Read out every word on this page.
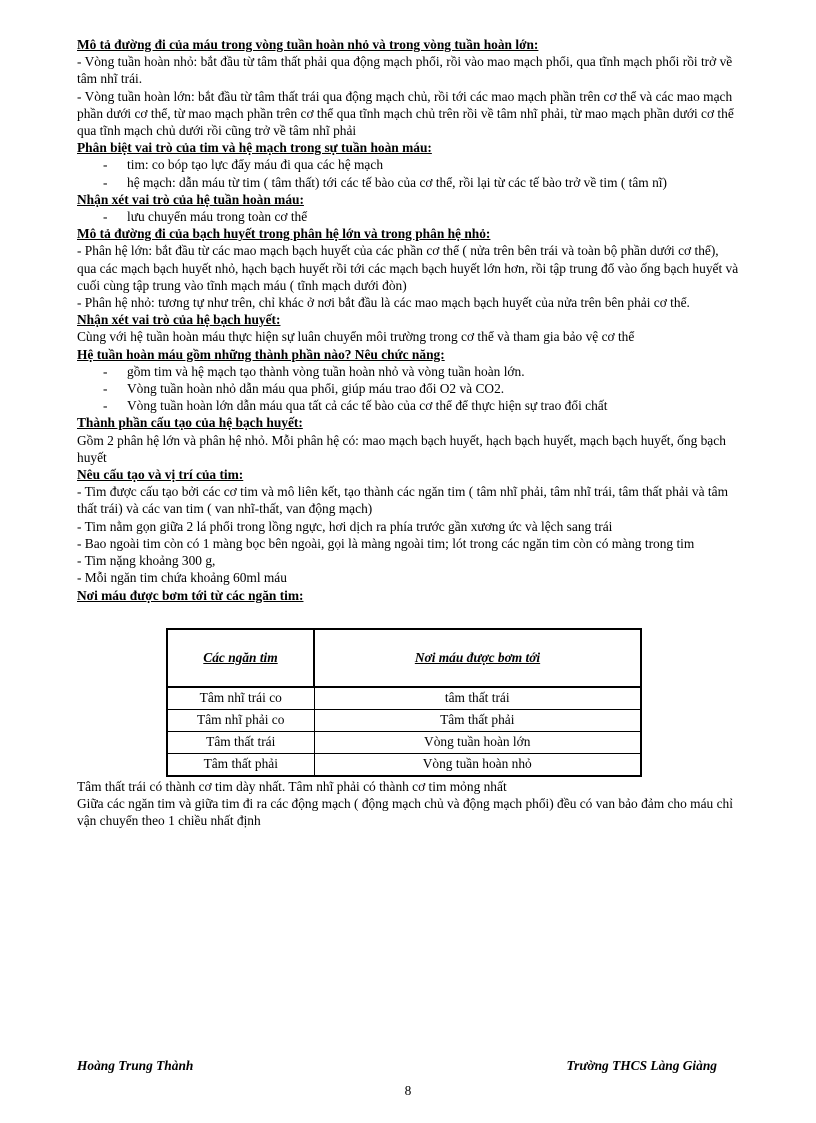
Mô tả đường đi của máu trong vòng tuần hoàn nhỏ và trong vòng tuần hoàn lớn:

- Vòng tuần hoàn nhỏ: bắt đầu từ tâm thất phải qua động mạch phổi, rồi vào mao mạch phổi, qua tĩnh mạch phổi rồi trở về tâm nhĩ trái.

- Vòng tuần hoàn lớn: bắt đầu từ tâm thất trái qua động mạch chủ, rồi tới các mao mạch phần trên cơ thể và các mao mạch phần dưới cơ thể, từ mao mạch phần trên cơ thể qua tĩnh mạch chủ trên rồi về tâm nhĩ phải, từ mao mạch phần dưới cơ thể qua tĩnh mạch chủ dưới rồi cũng trở về tâm nhĩ phải

Phân biệt vai trò của tim và hệ mạch trong sự tuần hoàn máu:

- tim: co bóp tạo lực đẩy máu đi qua các hệ mạch
- hệ mạch: dẫn máu từ tim ( tâm thất) tới các tế bào của cơ thể, rồi lại từ các tế bào trở về tim ( tâm nĩ)

Nhận xét vai trò của hệ tuần hoàn máu:

- lưu chuyển máu trong toàn cơ thể

Mô tả đường đi của bạch huyết trong phân hệ lớn và trong phân hệ nhỏ:

- Phân hệ lớn: bắt đầu từ các mao mạch bạch huyết của các phần cơ thể ( nửa trên bên trái và toàn bộ phần dưới cơ thể), qua các mạch bạch huyết nhỏ, hạch bạch huyết rồi tới các mạch bạch huyết lớn hơn, rồi tập trung đổ vào ống bạch huyết và cuối cùng tập trung vào tĩnh mạch máu ( tĩnh mạch dưới đòn)

- Phân hệ nhỏ: tương tự như trên, chỉ khác ở nơi bắt đầu là các mao mạch bạch huyết của nửa trên bên phải cơ thể.

Nhận xét vai trò của hệ bạch huyết:

Cùng với hệ tuần hoàn máu thực hiện sự luân chuyển môi trường trong cơ thể và tham gia bảo vệ cơ thể

Hệ tuần hoàn máu gồm những thành phần nào? Nêu chức năng:

- gồm tim và hệ mạch tạo thành vòng tuần hoàn nhỏ và vòng tuần hoàn lớn.
- Vòng tuần hoàn nhỏ dẫn máu qua phổi, giúp máu trao đổi O2 và CO2.
- Vòng tuần hoàn lớn dẫn máu qua tất cả các tế bào của cơ thể để thực hiện sự trao đổi chất

Thành phần cấu tạo của hệ bạch huyết:

Gồm 2 phân hệ lớn và phân hệ nhỏ. Mỗi phân hệ có: mao mạch bạch huyết, hạch bạch huyết, mạch bạch huyết, ống bạch huyết

Nêu cấu tạo và vị trí của tim:

- Tim được cấu tạo bởi các cơ tim và mô liên kết, tạo thành các ngăn tim ( tâm nhĩ phải, tâm nhĩ trái, tâm thất phải và tâm thất trái) và các van tim ( van nhĩ-thất, van động mạch)

- Tim nằm gọn giữa 2 lá phổi trong lồng ngực, hơi dịch ra phía trước gần xương ức và lệch sang trái

- Bao ngoài tim còn có 1 màng bọc bên ngoài, gọi là màng ngoài tim; lót trong các ngăn tim còn có màng trong tim

- Tim nặng khoảng 300 g,

- Mỗi ngăn tim chứa khoảng 60ml máu

Nơi máu được bơm tới từ các ngăn tim:

Các ngăn tim	Nơi máu được bơm tới
Tâm nhĩ trái co	tâm thất trái
Tâm nhĩ phải co	Tâm thất phải
Tâm thất trái	Vòng tuần hoàn lớn
Tâm thất phải	Vòng tuần hoàn nhỏ

Tâm thất trái có thành cơ tim dày nhất. Tâm nhĩ phải có thành cơ tim mỏng nhất

Giữa các ngăn tim và giữa tim đi ra các động mạch ( động mạch chủ và động mạch phổi) đều có van bảo đảm cho máu chỉ vận chuyển theo 1 chiều nhất định

Hoàng Trung Thành	Trường THCS Làng Giàng
8
